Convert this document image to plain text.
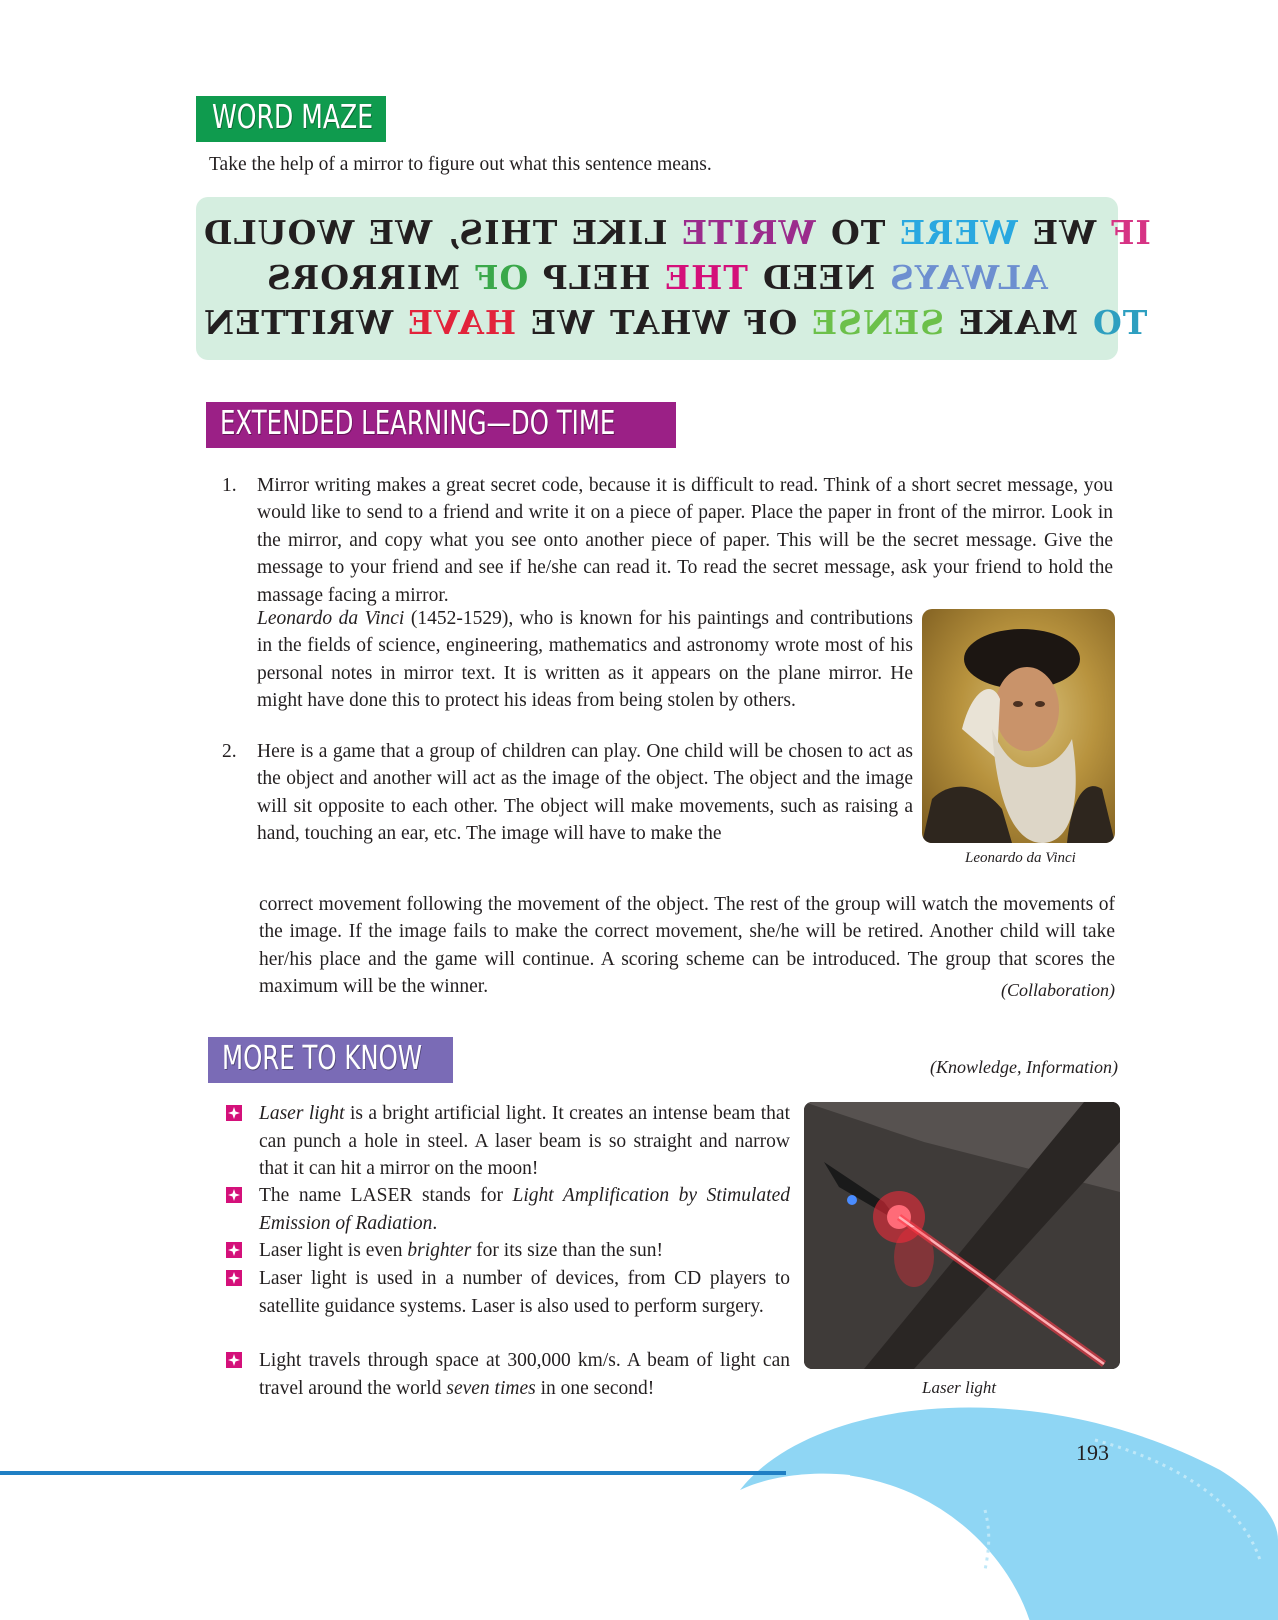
193
WORD MAZE
Take the help of a mirror to figure out what this sentence means.
WOULD WE THIS, LIKE WRITE TO WERE WE IF
MIRRORS OF HELP THE NEED ALWAYS
WRITTEN HAVE WE WHAT OF SENSE MAKE TO
EXTENDED LEARNING—DO TIME
1. Mirror writing makes a great secret code, because it is difficult to read. Think of a short secret message, you would like to send to a friend and write it on a piece of paper. Place the paper in front of the mirror. Look in the mirror, and copy what you see onto another piece of paper. This will be the secret message. Give the message to your friend and see if he/she can read it. To read the secret message, ask your friend to hold the massage facing a mirror.
Leonardo da Vinci (1452-1529), who is known for his paintings and contributions in the fields of science, engineering, mathematics and astronomy wrote most of his personal notes in mirror text. It is written as it appears on the plane mirror. He might have done this to protect his ideas from being stolen by others.
2. Here is a game that a group of children can play. One child will be chosen to act as the object and another will act as the image of the object. The object and the image will sit opposite to each other. The object will make movements, such as raising a hand, touching an ear, etc. The image will have to make the
Leonardo da Vinci
correct movement following the movement of the object. The rest of the group will watch the movements of the image. If the image fails to make the correct movement, she/he will be retired. Another child will take her/his place and the game will continue. A scoring scheme can be introduced. The group that scores the maximum will be the winner.	(Collaboration)
MORE TO KNOW	(Knowledge, Information)
Laser light is a bright artificial light. It creates an intense beam that can punch a hole in steel. A laser beam is so straight and narrow that it can hit a mirror on the moon!
The name LASER stands for Light Amplification by Stimulated Emission of Radiation.
Laser light is even brighter for its size than the sun!
Laser light is used in a number of devices, from CD players to satellite guidance systems. Laser is also used to perform surgery.
Light travels through space at 300,000 km/s. A beam of light can travel around the world seven times in one second!	Laser light
